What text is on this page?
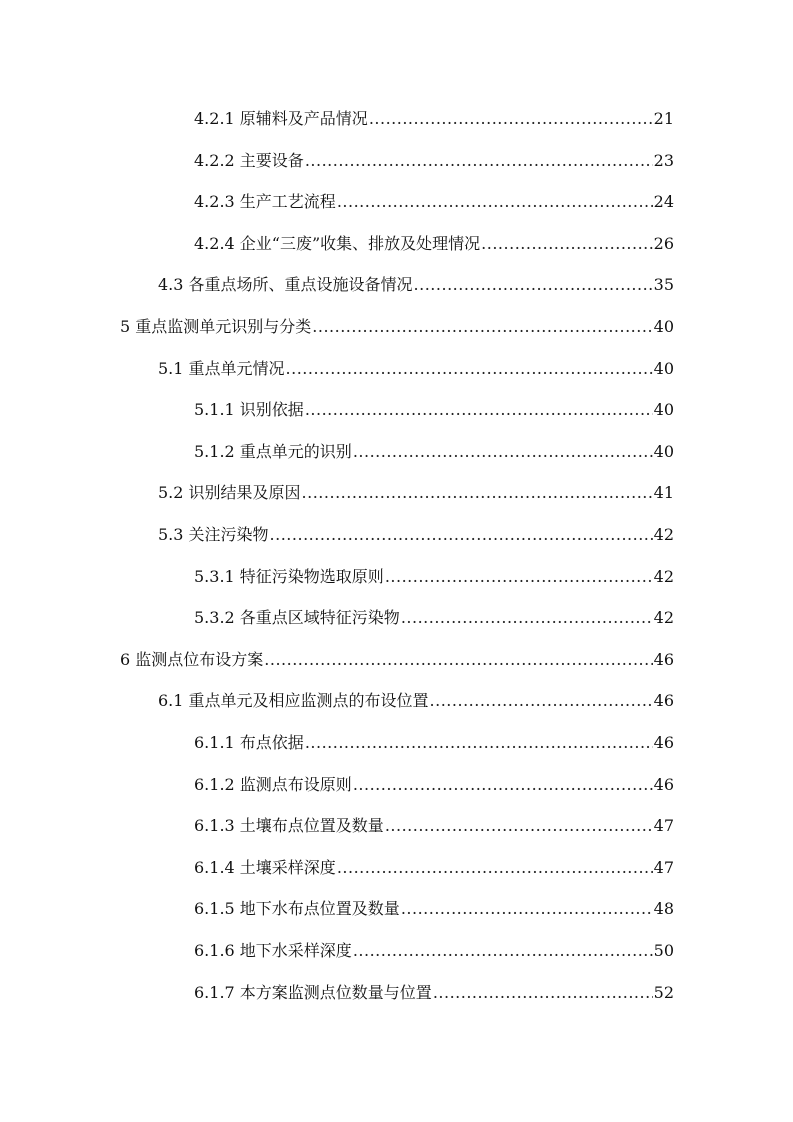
4.2.1 原辅料及产品情况 .....	21
4.2.2 主要设备 .....	23
4.2.3 生产工艺流程 .....	24
4.2.4 企业“三废”收集、排放及处理情况 .....	26
4.3 各重点场所、重点设施设备情况 .....	35
5 重点监测单元识别与分类 .....	40
5.1 重点单元情况 .....	40
5.1.1 识别依据 .....	40
5.1.2 重点单元的识别 .....	40
5.2 识别结果及原因 .....	41
5.3 关注污染物 .....	42
5.3.1 特征污染物选取原则 .....	42
5.3.2 各重点区域特征污染物 .....	42
6 监测点位布设方案 .....	46
6.1 重点单元及相应监测点的布设位置 .....	46
6.1.1 布点依据 .....	46
6.1.2 监测点布设原则 .....	46
6.1.3 土壤布点位置及数量 .....	47
6.1.4 土壤采样深度 .....	47
6.1.5 地下水布点位置及数量 .....	48
6.1.6 地下水采样深度 .....	50
6.1.7 本方案监测点位数量与位置 .....	52
